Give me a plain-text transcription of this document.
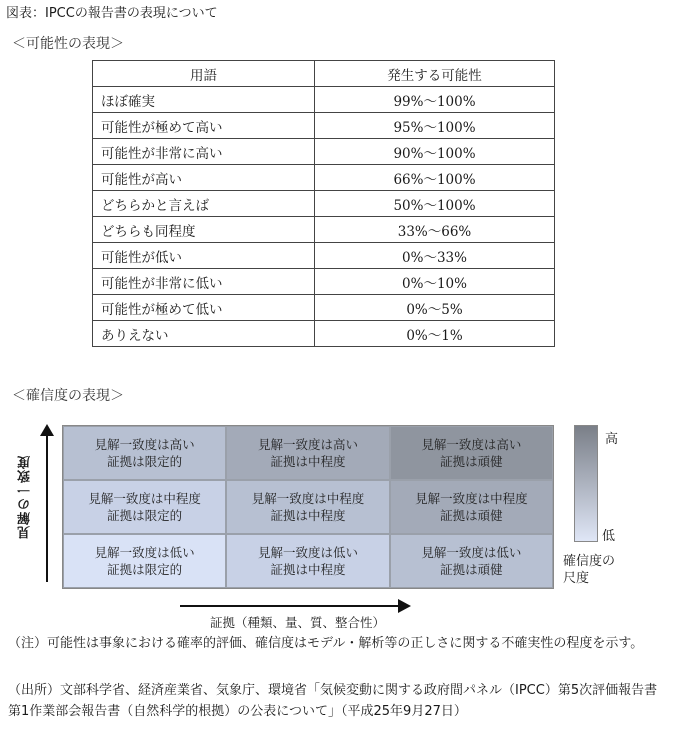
図表：IPCCの報告書の表現について
＜可能性の表現＞
用語	発生する可能性
ほぼ確実	99%〜100%
可能性が極めて高い	95%〜100%
可能性が非常に高い	90%〜100%
可能性が高い	66%〜100%
どちらかと言えば	50%〜100%
どちらも同程度	33%〜66%
可能性が低い	0%〜33%
可能性が非常に低い	0%〜10%
可能性が極めて低い	0%〜5%
ありえない	0%〜1%
＜確信度の表現＞
見解の一致度
見解一致度は高い
証拠は限定的
見解一致度は高い
証拠は中程度
見解一致度は高い
証拠は頑健
見解一致度は中程度
証拠は限定的
見解一致度は中程度
証拠は中程度
見解一致度は中程度
証拠は頑健
見解一致度は低い
証拠は限定的
見解一致度は低い
証拠は中程度
見解一致度は低い
証拠は頑健
高
低
確信度の尺度
証拠（種類、量、質、整合性）
（注）可能性は事象における確率的評価、確信度はモデル・解析等の正しさに関する不確実性の程度を示す。
（出所）文部科学省、経済産業省、気象庁、環境省「気候変動に関する政府間パネル（IPCC）第5次評価報告書 第1作業部会報告書（自然科学的根拠）の公表について」（平成25年9月27日）
